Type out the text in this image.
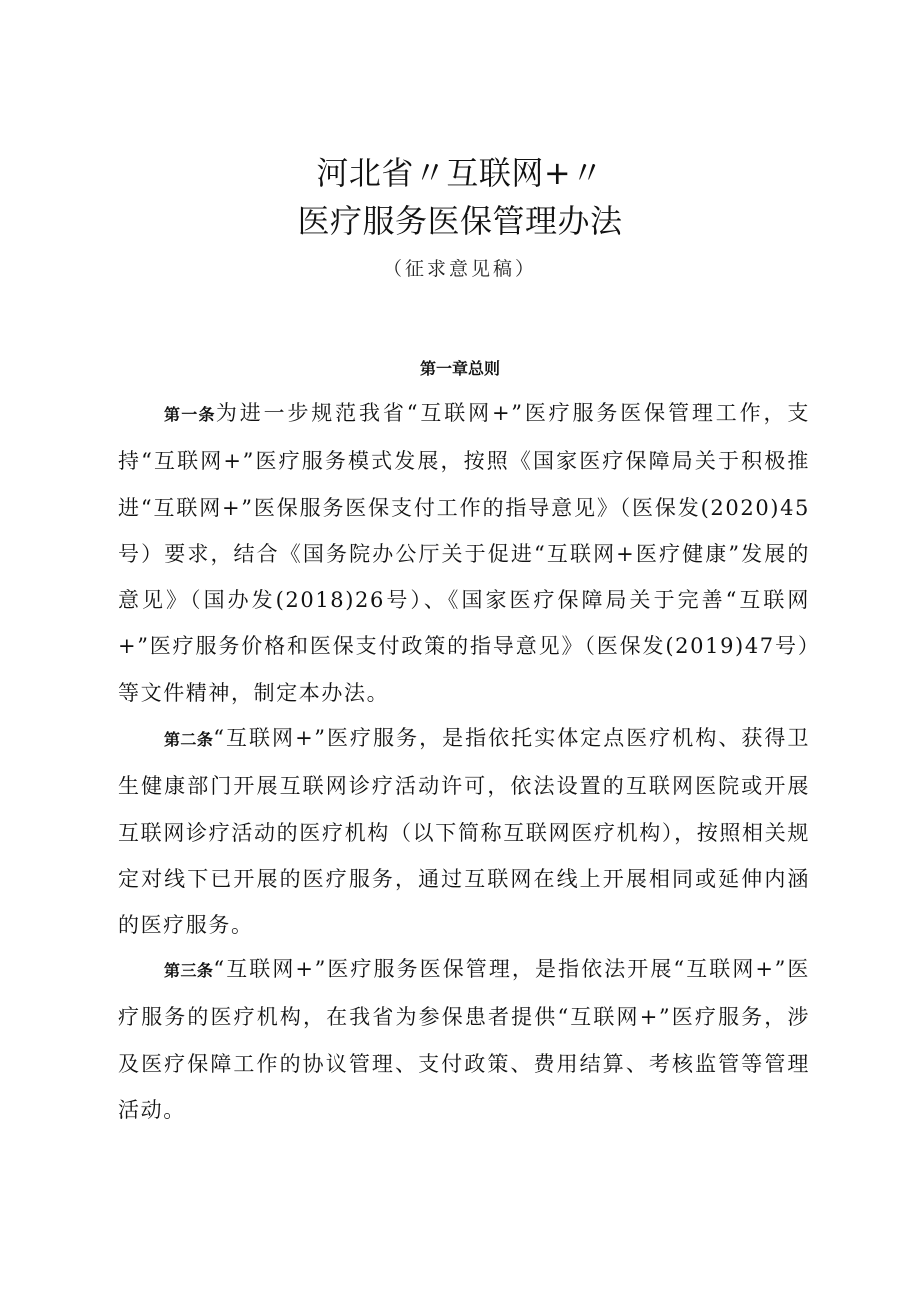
河北省〃互联网+〃
医疗服务医保管理办法
（征求意见稿）
第一章总则
第一条为进一步规范我省“互联网+”医疗服务医保管理工作，支持“互联网+”医疗服务模式发展，按照《国家医疗保障局关于积极推进“互联网+”医保服务医保支付工作的指导意见》（医保发(2020)45号）要求，结合《国务院办公厅关于促进“互联网+医疗健康”发展的意见》（国办发(2018)26号）、《国家医疗保障局关于完善“互联网+”医疗服务价格和医保支付政策的指导意见》（医保发(2019)47号）等文件精神，制定本办法。
第二条“互联网+”医疗服务，是指依托实体定点医疗机构、获得卫生健康部门开展互联网诊疗活动许可，依法设置的互联网医院或开展互联网诊疗活动的医疗机构（以下简称互联网医疗机构），按照相关规定对线下已开展的医疗服务，通过互联网在线上开展相同或延伸内涵的医疗服务。
第三条“互联网+”医疗服务医保管理，是指依法开展“互联网+”医疗服务的医疗机构，在我省为参保患者提供“互联网+”医疗服务，涉及医疗保障工作的协议管理、支付政策、费用结算、考核监管等管理活动。
